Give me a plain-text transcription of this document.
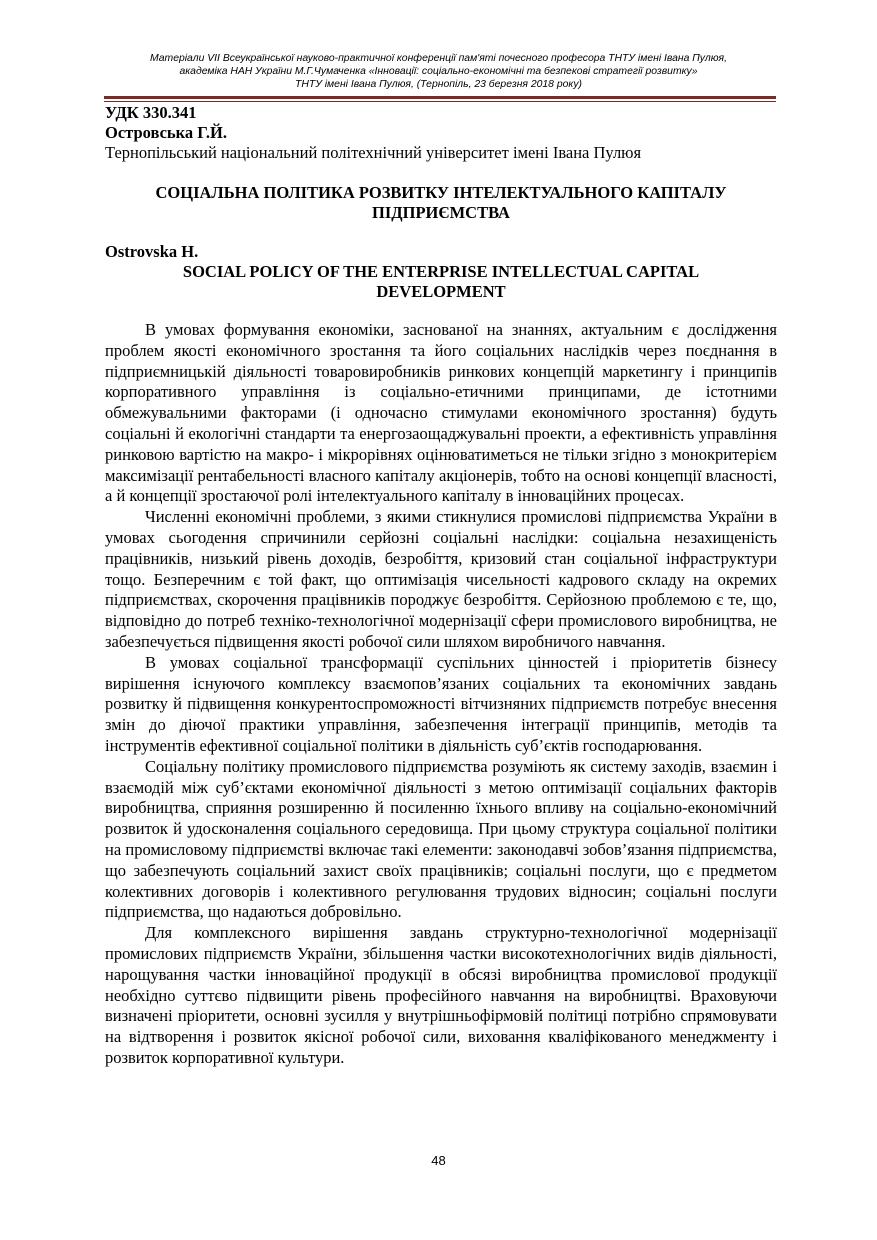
Матеріали VII Всеукраїнської науково-практичної конференції пам'яті почесного професора ТНТУ імені Івана Пулюя,
академіка НАН України М.Г.Чумаченка «Інновації: соціально-економічні та безпекові стратегії розвитку»
ТНТУ імені Івана Пулюя, (Тернопіль, 23 березня 2018 року)
УДК 330.341
Островська Г.Й.
Тернопільський національний політехнічний університет імені Івана Пулюя
СОЦІАЛЬНА ПОЛІТИКА РОЗВИТКУ ІНТЕЛЕКТУАЛЬНОГО КАПІТАЛУ
ПІДПРИЄМСТВА
Ostrovska H.
SOCIAL POLICY OF THE ENTERPRISE INTELLECTUAL CAPITAL
DEVELOPMENT

В умовах формування економіки, заснованої на знаннях, актуальним є дослідження проблем якості економічного зростання та його соціальних наслідків через поєднання в підприємницькій діяльності товаровиробників ринкових концепцій маркетингу і принципів корпоративного управління із соціально-етичними принципами, де істотними обмежувальними факторами (і одночасно стимулами економічного зростання) будуть соціальні й екологічні стандарти та енергозаощаджувальні проекти, а ефективність управління ринковою вартістю на макро- і мікрорівнях оцінюватиметься не тільки згідно з монокритерієм максимізації рентабельності власного капіталу акціонерів, тобто на основі концепції власності, а й концепції зростаючої ролі інтелектуального капіталу в інноваційних процесах.

Численні економічні проблеми, з якими стикнулися промислові підприємства України в умовах сьогодення спричинили серйозні соціальні наслідки: соціальна незахищеність працівників, низький рівень доходів, безробіття, кризовий стан соціальної інфраструктури тощо. Безперечним є той факт, що оптимізація чисельності кадрового складу на окремих підприємствах, скорочення працівників породжує безробіття. Серйозною проблемою є те, що, відповідно до потреб техніко-технологічної модернізації сфери промислового виробництва, не забезпечується підвищення якості робочої сили шляхом виробничого навчання.

В умовах соціальної трансформації суспільних цінностей і пріоритетів бізнесу вирішення існуючого комплексу взаємопов’язаних соціальних та економічних завдань розвитку й підвищення конкурентоспроможності вітчизняних підприємств потребує внесення змін до діючої практики управління, забезпечення інтеграції принципів, методів та інструментів ефективної соціальної політики в діяльність суб’єктів господарювання.

Соціальну політику промислового підприємства розуміють як систему заходів, взаємин і взаємодій між суб’єктами економічної діяльності з метою оптимізації соціальних факторів виробництва, сприяння розширенню й посиленню їхнього впливу на соціально-економічний розвиток й удосконалення соціального середовища. При цьому структура соціальної політики на промисловому підприємстві включає такі елементи: законодавчі зобов’язання підприємства, що забезпечують соціальний захист своїх працівників; соціальні послуги, що є предметом колективних договорів і колективного регулювання трудових відносин; соціальні послуги підприємства, що надаються добровільно.

Для комплексного вирішення завдань структурно-технологічної модернізації промислових підприємств України, збільшення частки високотехнологічних видів діяльності, нарощування частки інноваційної продукції в обсязі виробництва промислової продукції необхідно суттєво підвищити рівень професійного навчання на виробництві. Враховуючи визначені пріоритети, основні зусилля у внутрішньофірмовій політиці потрібно спрямовувати на відтворення і розвиток якісної робочої сили, виховання кваліфікованого менеджменту і розвиток корпоративної культури.

48
